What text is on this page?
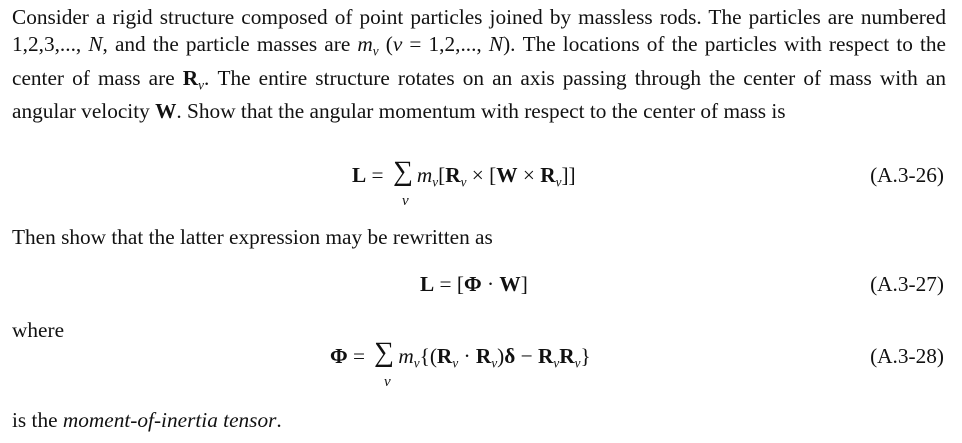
Consider a rigid structure composed of point particles joined by massless rods. The particles are numbered 1,2,3,..., N, and the particle masses are $m_\nu$ (ν = 1,2,..., N). The locations of the particles with respect to the center of mass are $R_\nu$. The entire structure rotates on an axis passing through the center of mass with an angular velocity W. Show that the angular momentum with respect to the center of mass is

$L = m_\nu[R_\nu \times [W \times R_\nu]]$
∑
ν
(A.3-26)
Then show that the latter expression may be rewritten as
L = [Φ · W]	(A.3-27)
where
$\Phi = m_\nu\{(R_\nu \cdot R_\nu)\delta - R_\nu R_\nu\}$
∑
ν
(A.3-28)
is the moment-of-inertia tensor.
